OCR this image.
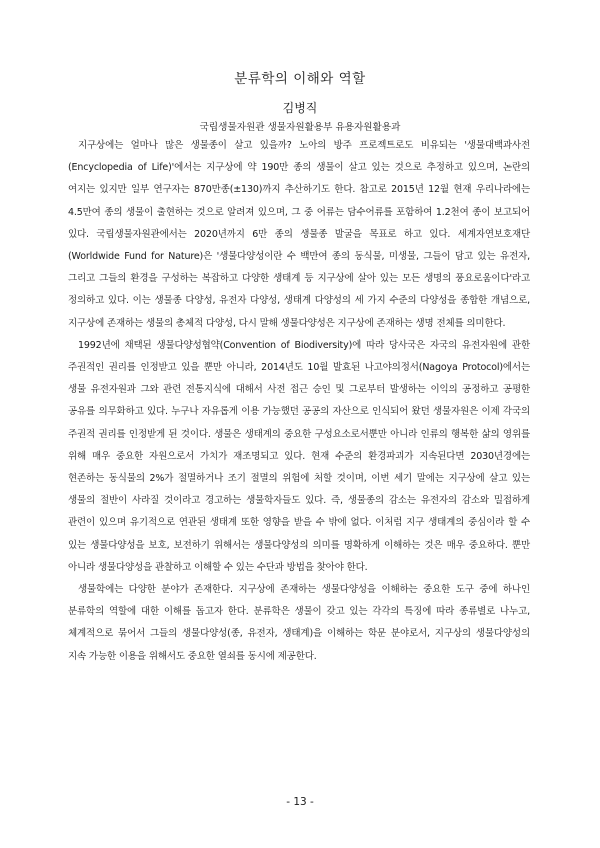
분류학의 이해와 역할
김병직
국립생물자원관 생물자원활용부 유용자원활용과

지구상에는 얼마나 많은 생물종이 살고 있을까? 노아의 방주 프로젝트로도 비유되는 '생물대백과사전(Encyclopedia of Life)'에서는 지구상에 약 190만 종의 생물이 살고 있는 것으로 추정하고 있으며, 논란의 여지는 있지만 일부 연구자는 870만종(±130)까지 추산하기도 한다. 참고로 2015년 12월 현재 우리나라에는 4.5만여 종의 생물이 출현하는 것으로 알려져 있으며, 그 중 어류는 담수어류를 포함하여 1.2천여 종이 보고되어 있다. 국립생물자원관에서는 2020년까지 6만 종의 생물종 발굴을 목표로 하고 있다. 세계자연보호재단(Worldwide Fund for Nature)은 '생물다양성이란 수 백만여 종의 동식물, 미생물, 그들이 담고 있는 유전자, 그리고 그들의 환경을 구성하는 복잡하고 다양한 생태계 등 지구상에 살아 있는 모든 생명의 풍요로움이다'라고 정의하고 있다. 이는 생물종 다양성, 유전자 다양성, 생태계 다양성의 세 가지 수준의 다양성을 종합한 개념으로, 지구상에 존재하는 생물의 총체적 다양성, 다시 말해 생물다양성은 지구상에 존재하는 생명 전체를 의미한다.

1992년에 채택된 생물다양성협약(Convention of Biodiversity)에 따라 당사국은 자국의 유전자원에 관한 주권적인 권리를 인정받고 있을 뿐만 아니라, 2014년도 10월 발효된 나고야의정서(Nagoya Protocol)에서는 생물 유전자원과 그와 관련 전통지식에 대해서 사전 접근 승인 및 그로부터 발생하는 이익의 공정하고 공평한 공유를 의무화하고 있다. 누구나 자유롭게 이용 가능했던 공공의 자산으로 인식되어 왔던 생물자원은 이제 각국의 주권적 권리를 인정받게 된 것이다. 생물은 생태계의 중요한 구성요소로서뿐만 아니라 인류의 행복한 삶의 영위를 위해 매우 중요한 자원으로서 가치가 재조명되고 있다. 현재 수준의 환경파괴가 지속된다면 2030년경에는 현존하는 동식물의 2%가 절멸하거나 조기 절멸의 위험에 처할 것이며, 이번 세기 말에는 지구상에 살고 있는 생물의 절반이 사라질 것이라고 경고하는 생물학자들도 있다. 즉, 생물종의 감소는 유전자의 감소와 밀접하게 관련이 있으며 유기적으로 연관된 생태계 또한 영향을 받을 수 밖에 없다. 이처럼 지구 생태계의 중심이라 할 수 있는 생물다양성을 보호, 보전하기 위해서는 생물다양성의 의미를 명확하게 이해하는 것은 매우 중요하다. 뿐만 아니라 생물다양성을 관찰하고 이해할 수 있는 수단과 방법을 찾아야 한다.

생물학에는 다양한 분야가 존재한다. 지구상에 존재하는 생물다양성을 이해하는 중요한 도구 중에 하나인 분류학의 역할에 대한 이해를 돕고자 한다. 분류학은 생물이 갖고 있는 각각의 특징에 따라 종류별로 나누고, 체계적으로 묶어서 그들의 생물다양성(종, 유전자, 생태계)을 이해하는 학문 분야로서, 지구상의 생물다양성의 지속 가능한 이용을 위해서도 중요한 열쇠를 동시에 제공한다.

- 13 -
